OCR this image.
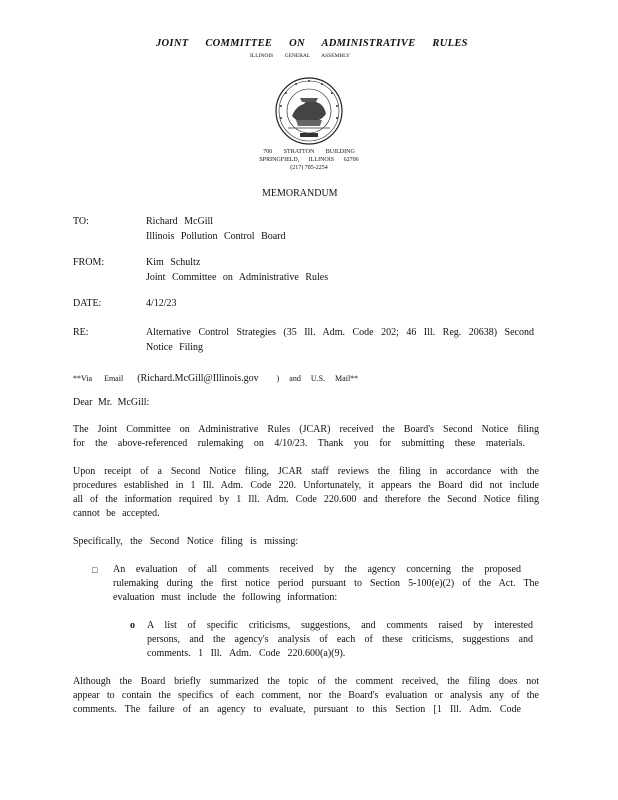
JOINT COMMITTEE ON ADMINISTRATIVE RULES
ILLINOIS GENERAL ASSEMBLY
700 STRATTON BUILDING
SPRINGFIELD, ILLINOIS 62706
(217) 785-2254
MEMORANDUM
TO:	Richard McGill
Illinois Pollution Control Board
FROM:	Kim Schultz
Joint Committee on Administrative Rules
DATE:	4/12/23
RE:	Alternative Control Strategies (35 Ill. Adm. Code 202; 46 Ill. Reg. 20638) Second
Notice Filing
**Via Email (Richard.McGill@Illinois.gov ) and U.S. Mail**
Dear Mr. McGill:
The Joint Committee on Administrative Rules (JCAR) received the Board's Second Notice filing
for the above-referenced rulemaking on 4/10/23. Thank you for submitting these materials.
Upon receipt of a Second Notice filing, JCAR staff reviews the filing in accordance with the
procedures established in 1 Ill. Adm. Code 220. Unfortunately, it appears the Board did not include
all of the information required by 1 Ill. Adm. Code 220.600 and therefore the Second Notice filing
cannot be accepted.
Specifically, the Second Notice filing is missing:
□ An evaluation of all comments received by the agency concerning the proposed
rulemaking during the first notice period pursuant to Section 5-100(e)(2) of the Act. The
evaluation must include the following information:
o A list of specific criticisms, suggestions, and comments raised by interested
persons, and the agency's analysis of each of these criticisms, suggestions and
comments. 1 Ill. Adm. Code 220.600(a)(9).
Although the Board briefly summarized the topic of the comment received, the filing does not
appear to contain the specifics of each comment, nor the Board's evaluation or analysis any of the
comments. The failure of an agency to evaluate, pursuant to this Section [1 Ill. Adm. Code
